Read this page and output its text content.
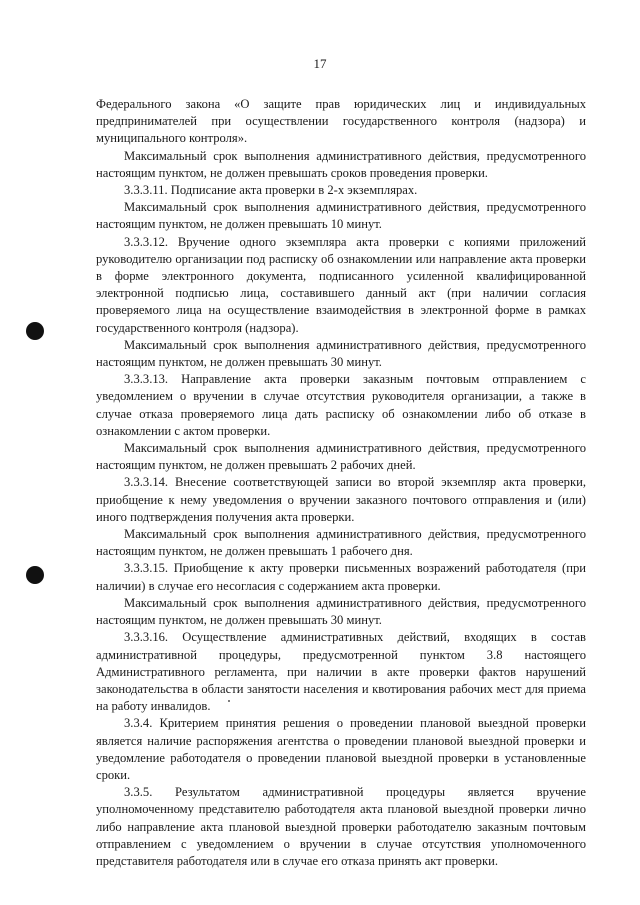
17

Федерального закона «О защите прав юридических лиц и индивидуальных предпринимателей при осуществлении государственного контроля (надзора) и муниципального контроля».

Максимальный срок выполнения административного действия, предусмотренного настоящим пунктом, не должен превышать сроков проведения проверки.

3.3.3.11. Подписание акта проверки в 2-х экземплярах.

Максимальный срок выполнения административного действия, предусмотренного настоящим пунктом, не должен превышать 10 минут.

3.3.3.12. Вручение одного экземпляра акта проверки с копиями приложений руководителю организации под расписку об ознакомлении или направление акта проверки в форме электронного документа, подписанного усиленной квалифицированной электронной подписью лица, составившего данный акт (при наличии согласия проверяемого лица на осуществление взаимодействия в электронной форме в рамках государственного контроля (надзора).

Максимальный срок выполнения административного действия, предусмотренного настоящим пунктом, не должен превышать 30 минут.

3.3.3.13. Направление акта проверки заказным почтовым отправлением с уведомлением о вручении в случае отсутствия руководителя организации, а также в случае отказа проверяемого лица дать расписку об ознакомлении либо об отказе в ознакомлении с актом проверки.

Максимальный срок выполнения административного действия, предусмотренного настоящим пунктом, не должен превышать 2 рабочих дней.

3.3.3.14. Внесение соответствующей записи во второй экземпляр акта проверки, приобщение к нему уведомления о вручении заказного почтового отправления и (или) иного подтверждения получения акта проверки.

Максимальный срок выполнения административного действия, предусмотренного настоящим пунктом, не должен превышать 1 рабочего дня.

3.3.3.15. Приобщение к акту проверки письменных возражений работодателя (при наличии) в случае его несогласия с содержанием акта проверки.

Максимальный срок выполнения административного действия, предусмотренного настоящим пунктом, не должен превышать 30 минут.

3.3.3.16. Осуществление административных действий, входящих в состав административной процедуры, предусмотренной пунктом 3.8 настоящего Административного регламента, при наличии в акте проверки фактов нарушений законодательства в области занятости населения и квотирования рабочих мест для приема на работу инвалидов.

3.3.4. Критерием принятия решения о проведении плановой выездной проверки является наличие распоряжения агентства о проведении плановой выездной проверки и уведомление работодателя о проведении плановой выездной проверки в установленные сроки.

3.3.5. Результатом административной процедуры является вручение уполномоченному представителю работодателя акта плановой выездной проверки лично либо направление акта плановой выездной проверки работодателю заказным почтовым отправлением с уведомлением о вручении в случае отсутствия уполномоченного представителя работодателя или в случае его отказа принять акт проверки.
